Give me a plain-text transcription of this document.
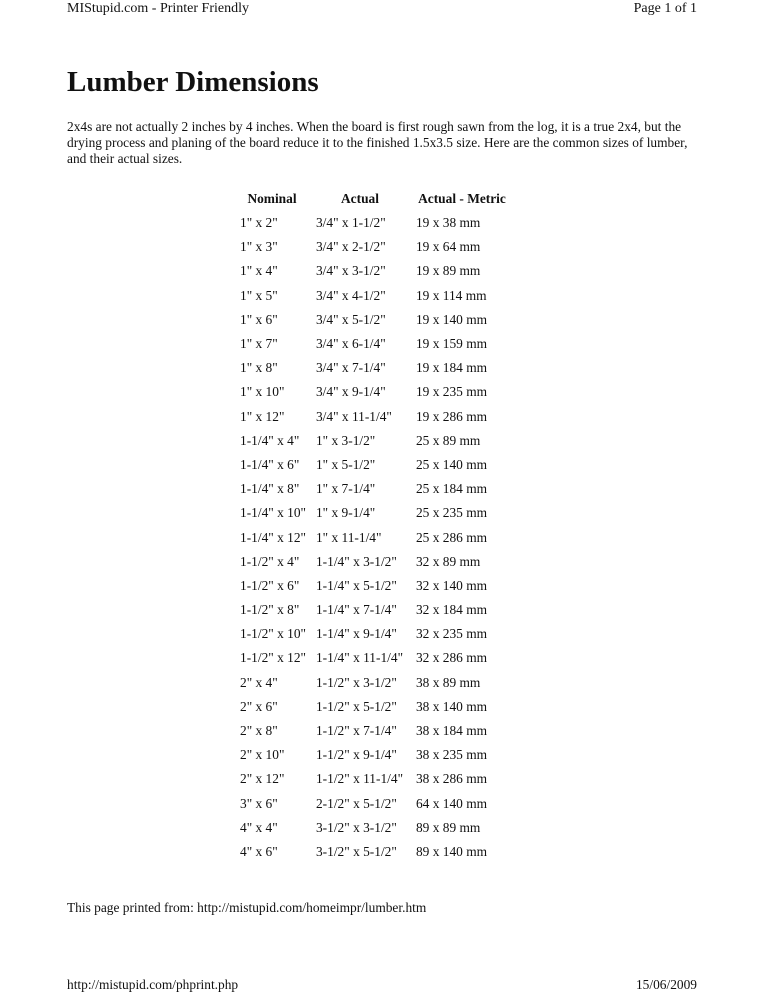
MIStupid.com - Printer Friendly	Page 1 of 1
Lumber Dimensions

2x4s are not actually 2 inches by 4 inches. When the board is first rough sawn from the log, it is a true 2x4, but the drying process and planing of the board reduce it to the finished 1.5x3.5 size. Here are the common sizes of lumber, and their actual sizes.

Nominal	Actual	Actual - Metric
1" x 2"	3/4" x 1-1/2"	19 x 38 mm
1" x 3"	3/4" x 2-1/2"	19 x 64 mm
1" x 4"	3/4" x 3-1/2"	19 x 89 mm
1" x 5"	3/4" x 4-1/2"	19 x 114 mm
1" x 6"	3/4" x 5-1/2"	19 x 140 mm
1" x 7"	3/4" x 6-1/4"	19 x 159 mm
1" x 8"	3/4" x 7-1/4"	19 x 184 mm
1" x 10"	3/4" x 9-1/4"	19 x 235 mm
1" x 12"	3/4" x 11-1/4"	19 x 286 mm
1-1/4" x 4"	1" x 3-1/2"	25 x 89 mm
1-1/4" x 6"	1" x 5-1/2"	25 x 140 mm
1-1/4" x 8"	1" x 7-1/4"	25 x 184 mm
1-1/4" x 10"	1" x 9-1/4"	25 x 235 mm
1-1/4" x 12"	1" x 11-1/4"	25 x 286 mm
1-1/2" x 4"	1-1/4" x 3-1/2"	32 x 89 mm
1-1/2" x 6"	1-1/4" x 5-1/2"	32 x 140 mm
1-1/2" x 8"	1-1/4" x 7-1/4"	32 x 184 mm
1-1/2" x 10"	1-1/4" x 9-1/4"	32 x 235 mm
1-1/2" x 12"	1-1/4" x 11-1/4"	32 x 286 mm
2" x 4"	1-1/2" x 3-1/2"	38 x 89 mm
2" x 6"	1-1/2" x 5-1/2"	38 x 140 mm
2" x 8"	1-1/2" x 7-1/4"	38 x 184 mm
2" x 10"	1-1/2" x 9-1/4"	38 x 235 mm
2" x 12"	1-1/2" x 11-1/4"	38 x 286 mm
3" x 6"	2-1/2" x 5-1/2"	64 x 140 mm
4" x 4"	3-1/2" x 3-1/2"	89 x 89 mm
4" x 6"	3-1/2" x 5-1/2"	89 x 140 mm
This page printed from: http://mistupid.com/homeimpr/lumber.htm
http://mistupid.com/phprint.php	15/06/2009
